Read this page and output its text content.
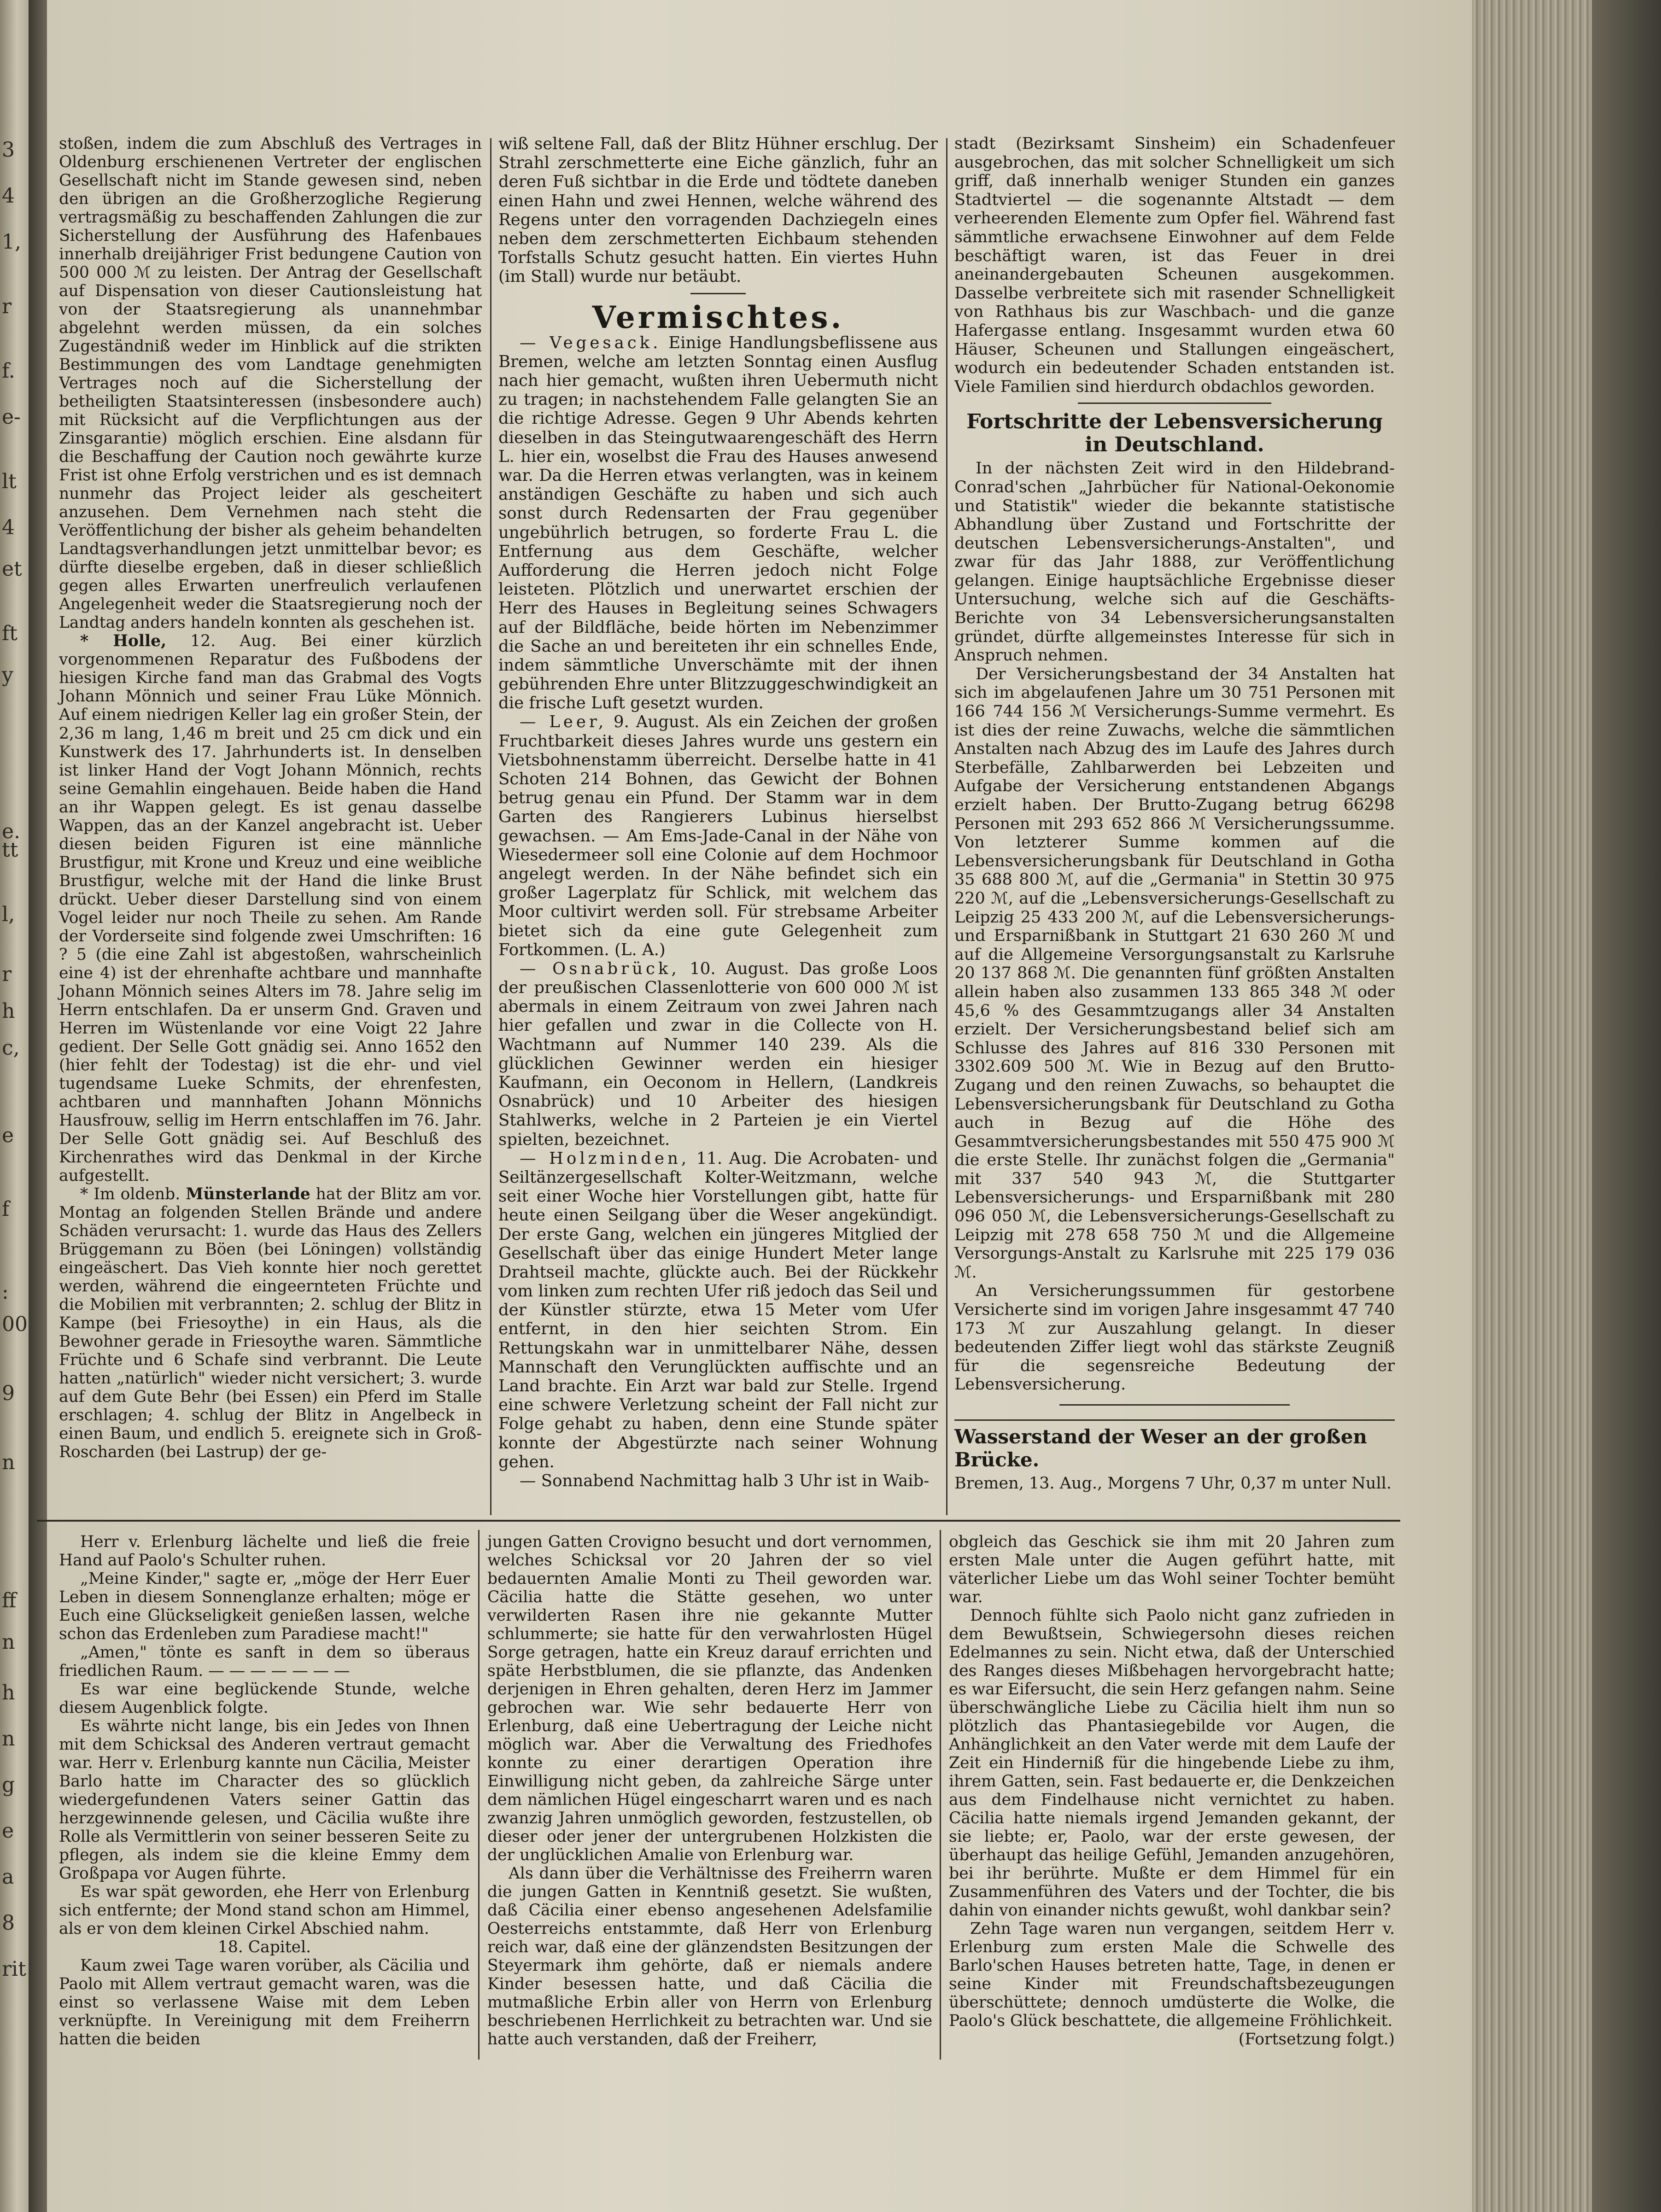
3
4
1,
r
f.
e-
lt
4
et
ft
y
e.
tt
l,
r
h
c,
e
f
:
00
9
n
ff
n
h
n
g
e
a
8
rit

stoßen, indem die zum Abschluß des Vertrages in Oldenburg erschienenen Vertreter der englischen Gesellschaft nicht im Stande gewesen sind, neben den übrigen an die Großherzogliche Regierung vertragsmäßig zu beschaffenden Zahlungen die zur Sicherstellung der Ausführung des Hafenbaues innerhalb dreijähriger Frist bedungene Caution von 500 000 ℳ zu leisten. Der Antrag der Gesellschaft auf Dispensation von dieser Cautionsleistung hat von der Staatsregierung als unannehmbar abgelehnt werden müssen, da ein solches Zugeständniß weder im Hinblick auf die strikten Bestimmungen des vom Landtage genehmigten Vertrages noch auf die Sicherstellung der betheiligten Staatsinteressen (insbesondere auch) mit Rücksicht auf die Verpflichtungen aus der Zinsgarantie) möglich erschien. Eine alsdann für die Beschaffung der Caution noch gewährte kurze Frist ist ohne Erfolg verstrichen und es ist demnach nunmehr das Project leider als gescheitert anzusehen. Dem Vernehmen nach steht die Veröffentlichung der bisher als geheim behandelten Landtagsverhandlungen jetzt unmittelbar bevor; es dürfte dieselbe ergeben, daß in dieser schließlich gegen alles Erwarten unerfreulich verlaufenen Angelegenheit weder die Staatsregierung noch der Landtag anders handeln konnten als geschehen ist.

* Holle, 12. Aug. Bei einer kürzlich vorgenommenen Reparatur des Fußbodens der hiesigen Kirche fand man das Grabmal des Vogts Johann Mönnich und seiner Frau Lüke Mönnich. Auf einem niedrigen Keller lag ein großer Stein, der 2,36 m lang, 1,46 m breit und 25 cm dick und ein Kunstwerk des 17. Jahrhunderts ist. In denselben ist linker Hand der Vogt Johann Mönnich, rechts seine Gemahlin eingehauen. Beide haben die Hand an ihr Wappen gelegt. Es ist genau dasselbe Wappen, das an der Kanzel angebracht ist. Ueber diesen beiden Figuren ist eine männliche Brustfigur, mit Krone und Kreuz und eine weibliche Brustfigur, welche mit der Hand die linke Brust drückt. Ueber dieser Darstellung sind von einem Vogel leider nur noch Theile zu sehen. Am Rande der Vorderseite sind folgende zwei Umschriften: 16 ? 5 (die eine Zahl ist abgestoßen, wahrscheinlich eine 4) ist der ehrenhafte achtbare und mannhafte Johann Mönnich seines Alters im 78. Jahre selig im Herrn entschlafen. Da er unserm Gnd. Graven und Herren im Wüstenlande vor eine Voigt 22 Jahre gedient. Der Selle Gott gnädig sei. Anno 1652 den (hier fehlt der Todestag) ist die ehr- und viel tugendsame Lueke Schmits, der ehrenfesten, achtbaren und mannhaften Johann Mönnichs Hausfrouw, sellig im Herrn entschlaffen im 76. Jahr. Der Selle Gott gnädig sei. Auf Beschluß des Kirchenrathes wird das Denkmal in der Kirche aufgestellt.

* Im oldenb. Münsterlande hat der Blitz am vor. Montag an folgenden Stellen Brände und andere Schäden verursacht: 1. wurde das Haus des Zellers Brüggemann zu Böen (bei Löningen) vollständig eingeäschert. Das Vieh konnte hier noch gerettet werden, während die eingeernteten Früchte und die Mobilien mit verbrannten; 2. schlug der Blitz in Kampe (bei Friesoythe) in ein Haus, als die Bewohner gerade in Friesoythe waren. Sämmtliche Früchte und 6 Schafe sind verbrannt. Die Leute hatten „natürlich" wieder nicht versichert; 3. wurde auf dem Gute Behr (bei Essen) ein Pferd im Stalle erschlagen; 4. schlug der Blitz in Angelbeck in einen Baum, und endlich 5. ereignete sich in Groß-Roscharden (bei Lastrup) der ge-

wiß seltene Fall, daß der Blitz Hühner erschlug. Der Strahl zerschmetterte eine Eiche gänzlich, fuhr an deren Fuß sichtbar in die Erde und tödtete daneben einen Hahn und zwei Hennen, welche während des Regens unter den vorragenden Dachziegeln eines neben dem zerschmetterten Eichbaum stehenden Torfstalls Schutz gesucht hatten. Ein viertes Huhn (im Stall) wurde nur betäubt.

Vermischtes.

— Vegesack. Einige Handlungsbeflissene aus Bremen, welche am letzten Sonntag einen Ausflug nach hier gemacht, wußten ihren Uebermuth nicht zu tragen; in nachstehendem Falle gelangten Sie an die richtige Adresse. Gegen 9 Uhr Abends kehrten dieselben in das Steingutwaarengeschäft des Herrn L. hier ein, woselbst die Frau des Hauses anwesend war. Da die Herren etwas verlangten, was in keinem anständigen Geschäfte zu haben und sich auch sonst durch Redensarten der Frau gegenüber ungebührlich betrugen, so forderte Frau L. die Entfernung aus dem Geschäfte, welcher Aufforderung die Herren jedoch nicht Folge leisteten. Plötzlich und unerwartet erschien der Herr des Hauses in Begleitung seines Schwagers auf der Bildfläche, beide hörten im Nebenzimmer die Sache an und bereiteten ihr ein schnelles Ende, indem sämmtliche Unverschämte mit der ihnen gebührenden Ehre unter Blitzzuggeschwindigkeit an die frische Luft gesetzt wurden.

— Leer, 9. August. Als ein Zeichen der großen Fruchtbarkeit dieses Jahres wurde uns gestern ein Vietsbohnenstamm überreicht. Derselbe hatte in 41 Schoten 214 Bohnen, das Gewicht der Bohnen betrug genau ein Pfund. Der Stamm war in dem Garten des Rangierers Lubinus hierselbst gewachsen. — Am Ems-Jade-Canal in der Nähe von Wiesedermeer soll eine Colonie auf dem Hochmoor angelegt werden. In der Nähe befindet sich ein großer Lagerplatz für Schlick, mit welchem das Moor cultivirt werden soll. Für strebsame Arbeiter bietet sich da eine gute Gelegenheit zum Fortkommen. (L. A.)

— Osnabrück, 10. August. Das große Loos der preußischen Classenlotterie von 600 000 ℳ ist abermals in einem Zeitraum von zwei Jahren nach hier gefallen und zwar in die Collecte von H. Wachtmann auf Nummer 140 239. Als die glücklichen Gewinner werden ein hiesiger Kaufmann, ein Oeconom in Hellern, (Landkreis Osnabrück) und 10 Arbeiter des hiesigen Stahlwerks, welche in 2 Parteien je ein Viertel spielten, bezeichnet.

— Holzminden, 11. Aug. Die Acrobaten- und Seiltänzergesellschaft Kolter-Weitzmann, welche seit einer Woche hier Vorstellungen gibt, hatte für heute einen Seilgang über die Weser angekündigt. Der erste Gang, welchen ein jüngeres Mitglied der Gesellschaft über das einige Hundert Meter lange Drahtseil machte, glückte auch. Bei der Rückkehr vom linken zum rechten Ufer riß jedoch das Seil und der Künstler stürzte, etwa 15 Meter vom Ufer entfernt, in den hier seichten Strom. Ein Rettungskahn war in unmittelbarer Nähe, dessen Mannschaft den Verunglückten auffischte und an Land brachte. Ein Arzt war bald zur Stelle. Irgend eine schwere Verletzung scheint der Fall nicht zur Folge gehabt zu haben, denn eine Stunde später konnte der Abgestürzte nach seiner Wohnung gehen.

— Sonnabend Nachmittag halb 3 Uhr ist in Waib-

stadt (Bezirksamt Sinsheim) ein Schadenfeuer ausgebrochen, das mit solcher Schnelligkeit um sich griff, daß innerhalb weniger Stunden ein ganzes Stadtviertel — die sogenannte Altstadt — dem verheerenden Elemente zum Opfer fiel. Während fast sämmtliche erwachsene Einwohner auf dem Felde beschäftigt waren, ist das Feuer in drei aneinandergebauten Scheunen ausgekommen. Dasselbe verbreitete sich mit rasender Schnelligkeit von Rathhaus bis zur Waschbach- und die ganze Hafergasse entlang. Insgesammt wurden etwa 60 Häuser, Scheunen und Stallungen eingeäschert, wodurch ein bedeutender Schaden entstanden ist. Viele Familien sind hierdurch obdachlos geworden.

Fortschritte der Lebensversicherung in Deutschland.

In der nächsten Zeit wird in den Hildebrand-Conrad'schen „Jahrbücher für National-Oekonomie und Statistik" wieder die bekannte statistische Abhandlung über Zustand und Fortschritte der deutschen Lebensversicherungs-Anstalten", und zwar für das Jahr 1888, zur Veröffentlichung gelangen. Einige hauptsächliche Ergebnisse dieser Untersuchung, welche sich auf die Geschäfts-Berichte von 34 Lebensversicherungsanstalten gründet, dürfte allgemeinstes Interesse für sich in Anspruch nehmen.

Der Versicherungsbestand der 34 Anstalten hat sich im abgelaufenen Jahre um 30 751 Personen mit 166 744 156 ℳ Versicherungs-Summe vermehrt. Es ist dies der reine Zuwachs, welche die sämmtlichen Anstalten nach Abzug des im Laufe des Jahres durch Sterbefälle, Zahlbarwerden bei Lebzeiten und Aufgabe der Versicherung entstandenen Abgangs erzielt haben. Der Brutto-Zugang betrug 66298 Personen mit 293 652 866 ℳ Versicherungssumme. Von letzterer Summe kommen auf die Lebensversicherungsbank für Deutschland in Gotha 35 688 800 ℳ, auf die „Germania" in Stettin 30 975 220 ℳ, auf die „Lebensversicherungs-Gesellschaft zu Leipzig 25 433 200 ℳ, auf die Lebensversicherungs- und Ersparnißbank in Stuttgart 21 630 260 ℳ und auf die Allgemeine Versorgungsanstalt zu Karlsruhe 20 137 868 ℳ. Die genannten fünf größten Anstalten allein haben also zusammen 133 865 348 ℳ oder 45,6 % des Gesammtzugangs aller 34 Anstalten erzielt. Der Versicherungsbestand belief sich am Schlusse des Jahres auf 816 330 Personen mit 3302.609 500 ℳ. Wie in Bezug auf den Brutto-Zugang und den reinen Zuwachs, so behauptet die Lebensversicherungsbank für Deutschland zu Gotha auch in Bezug auf die Höhe des Gesammtversicherungsbestandes mit 550 475 900 ℳ die erste Stelle. Ihr zunächst folgen die „Germania" mit 337 540 943 ℳ, die Stuttgarter Lebensversicherungs- und Ersparnißbank mit 280 096 050 ℳ, die Lebensversicherungs-Gesellschaft zu Leipzig mit 278 658 750 ℳ und die Allgemeine Versorgungs-Anstalt zu Karlsruhe mit 225 179 036 ℳ.

An Versicherungssummen für gestorbene Versicherte sind im vorigen Jahre insgesammt 47 740 173 ℳ zur Auszahlung gelangt. In dieser bedeutenden Ziffer liegt wohl das stärkste Zeugniß für die segensreiche Bedeutung der Lebensversicherung.

Wasserstand der Weser an der großen Brücke.

Bremen, 13. Aug., Morgens 7 Uhr, 0,37 m unter Null.

Herr v. Erlenburg lächelte und ließ die freie Hand auf Paolo's Schulter ruhen.

„Meine Kinder," sagte er, „möge der Herr Euer Leben in diesem Sonnenglanze erhalten; möge er Euch eine Glückseligkeit genießen lassen, welche schon das Erdenleben zum Paradiese macht!"

„Amen," tönte es sanft in dem so überaus friedlichen Raum. — — — — — — —

Es war eine beglückende Stunde, welche diesem Augenblick folgte.

Es währte nicht lange, bis ein Jedes von Ihnen mit dem Schicksal des Anderen vertraut gemacht war. Herr v. Erlenburg kannte nun Cäcilia, Meister Barlo hatte im Character des so glücklich wiedergefundenen Vaters seiner Gattin das herzgewinnende gelesen, und Cäcilia wußte ihre Rolle als Vermittlerin von seiner besseren Seite zu pflegen, als indem sie die kleine Emmy dem Großpapa vor Augen führte.

Es war spät geworden, ehe Herr von Erlenburg sich entfernte; der Mond stand schon am Himmel, als er von dem kleinen Cirkel Abschied nahm.

18. Capitel.

Kaum zwei Tage waren vorüber, als Cäcilia und Paolo mit Allem vertraut gemacht waren, was die einst so verlassene Waise mit dem Leben verknüpfte. In Vereinigung mit dem Freiherrn hatten die beiden

jungen Gatten Crovigno besucht und dort vernommen, welches Schicksal vor 20 Jahren der so viel bedauernten Amalie Monti zu Theil geworden war. Cäcilia hatte die Stätte gesehen, wo unter verwilderten Rasen ihre nie gekannte Mutter schlummerte; sie hatte für den verwahrlosten Hügel Sorge getragen, hatte ein Kreuz darauf errichten und späte Herbstblumen, die sie pflanzte, das Andenken derjenigen in Ehren gehalten, deren Herz im Jammer gebrochen war. Wie sehr bedauerte Herr von Erlenburg, daß eine Uebertragung der Leiche nicht möglich war. Aber die Verwaltung des Friedhofes konnte zu einer derartigen Operation ihre Einwilligung nicht geben, da zahlreiche Särge unter dem nämlichen Hügel eingescharrt waren und es nach zwanzig Jahren unmöglich geworden, festzustellen, ob dieser oder jener der untergrubenen Holzkisten die der unglücklichen Amalie von Erlenburg war.

Als dann über die Verhältnisse des Freiherrn waren die jungen Gatten in Kenntniß gesetzt. Sie wußten, daß Cäcilia einer ebenso angesehenen Adelsfamilie Oesterreichs entstammte, daß Herr von Erlenburg reich war, daß eine der glänzendsten Besitzungen der Steyermark ihm gehörte, daß er niemals andere Kinder besessen hatte, und daß Cäcilia die mutmaßliche Erbin aller von Herrn von Erlenburg beschriebenen Herrlichkeit zu betrachten war. Und sie hatte auch verstanden, daß der Freiherr,

obgleich das Geschick sie ihm mit 20 Jahren zum ersten Male unter die Augen geführt hatte, mit väterlicher Liebe um das Wohl seiner Tochter bemüht war.

Dennoch fühlte sich Paolo nicht ganz zufrieden in dem Bewußtsein, Schwiegersohn dieses reichen Edelmannes zu sein. Nicht etwa, daß der Unterschied des Ranges dieses Mißbehagen hervorgebracht hatte; es war Eifersucht, die sein Herz gefangen nahm. Seine überschwängliche Liebe zu Cäcilia hielt ihm nun so plötzlich das Phantasiegebilde vor Augen, die Anhänglichkeit an den Vater werde mit dem Laufe der Zeit ein Hinderniß für die hingebende Liebe zu ihm, ihrem Gatten, sein. Fast bedauerte er, die Denkzeichen aus dem Findelhause nicht vernichtet zu haben. Cäcilia hatte niemals irgend Jemanden gekannt, der sie liebte; er, Paolo, war der erste gewesen, der überhaupt das heilige Gefühl, Jemanden anzugehören, bei ihr berührte. Mußte er dem Himmel für ein Zusammenführen des Vaters und der Tochter, die bis dahin von einander nichts gewußt, wohl dankbar sein?

Zehn Tage waren nun vergangen, seitdem Herr v. Erlenburg zum ersten Male die Schwelle des Barlo'schen Hauses betreten hatte, Tage, in denen er seine Kinder mit Freundschaftsbezeugungen überschüttete; dennoch umdüsterte die Wolke, die Paolo's Glück beschattete, die allgemeine Fröhlichkeit.

(Fortsetzung folgt.)
